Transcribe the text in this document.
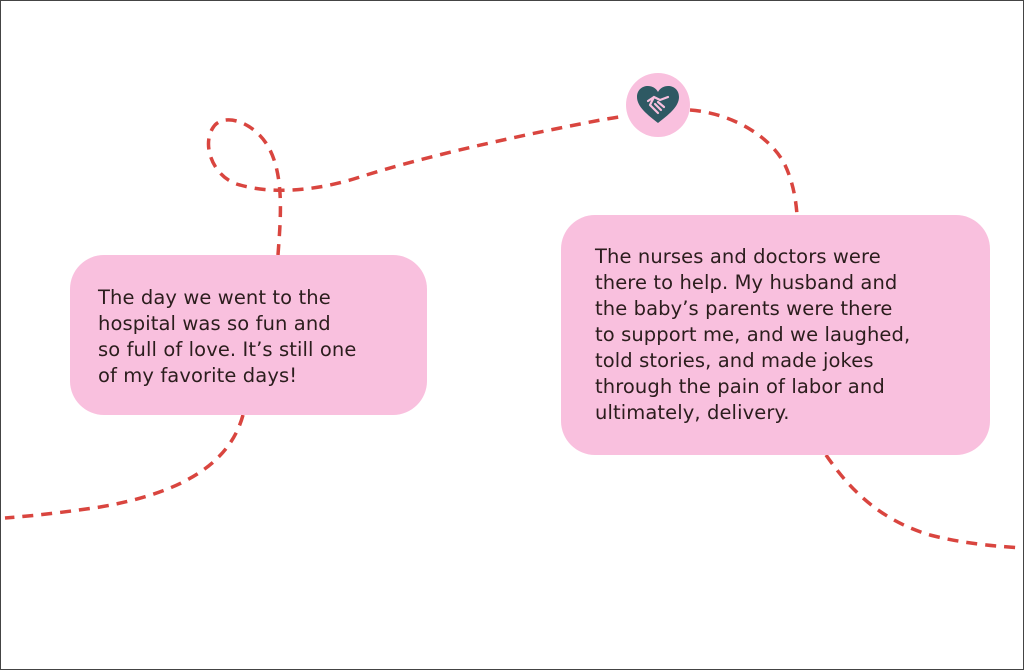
The day we went to the
hospital was so fun and
so full of love. It’s still one
of my favorite days!
The nurses and doctors were
there to help. My husband and
the baby’s parents were there
to support me, and we laughed,
told stories, and made jokes
through the pain of labor and
ultimately, delivery.
